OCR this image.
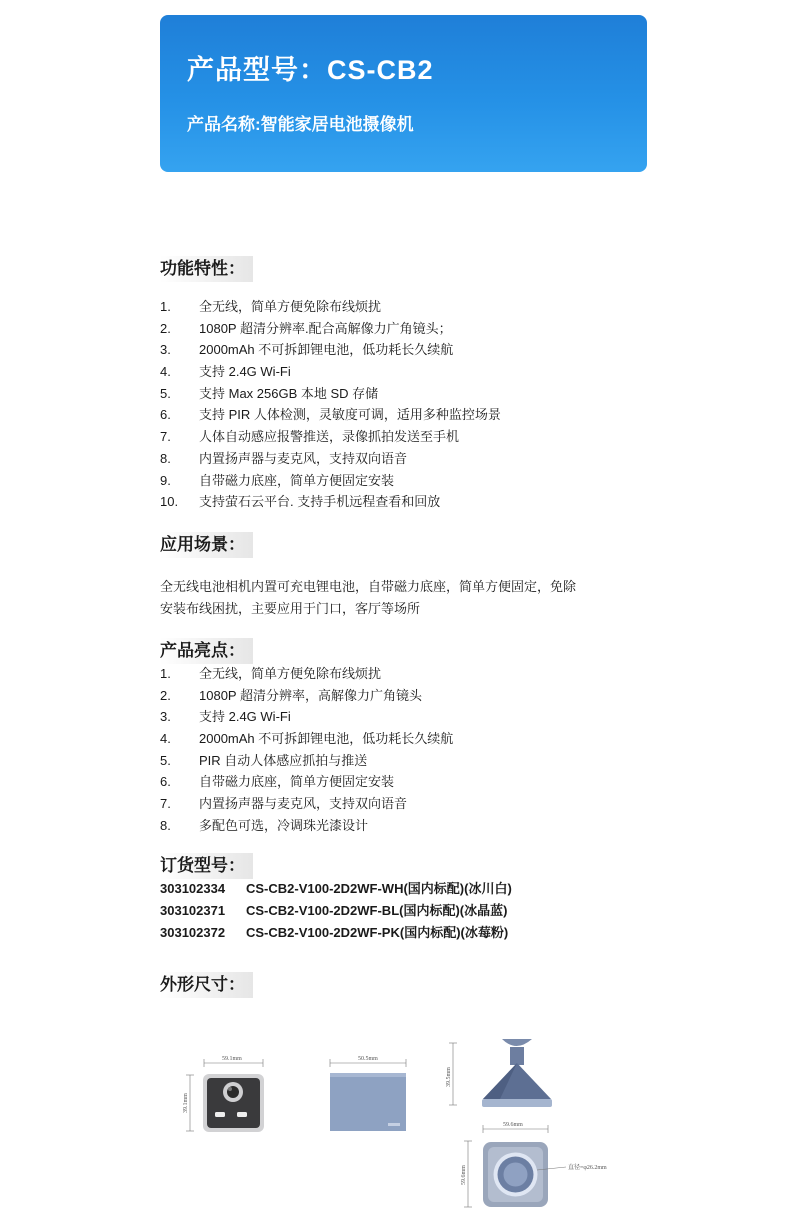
产品型号：CS-CB2
产品名称:智能家居电池摄像机
功能特性：
1. 全无线，简单方便免除布线烦扰
2. 1080P 超清分辨率.配合高解像力广角镜头；
3. 2000mAh 不可拆卸锂电池，低功耗长久续航
4. 支持 2.4G Wi-Fi
5. 支持 Max 256GB 本地 SD 存储
6. 支持 PIR 人体检测，灵敏度可调，适用多种监控场景
7. 人体自动感应报警推送，录像抓拍发送至手机
8. 内置扬声器与麦克风，支持双向语音
9. 自带磁力底座，简单方便固定安装
10. 支持萤石云平台. 支持手机远程查看和回放
应用场景：
全无线电池相机内置可充电锂电池，自带磁力底座，简单方便固定，免除
安装布线困扰，主要应用于门口，客厅等场所
产品亮点：
1. 全无线，简单方便免除布线烦扰
2. 1080P 超清分辨率，高解像力广角镜头
3. 支持 2.4G Wi-Fi
4. 2000mAh 不可拆卸锂电池，低功耗长久续航
5. PIR 自动人体感应抓拍与推送
6. 自带磁力底座，简单方便固定安装
7. 内置扬声器与麦克风，支持双向语音
8. 多配色可选，冷调珠光漆设计
订货型号：
303102334 CS-CB2-V100-2D2WF-WH(国内标配)(冰川白)
303102371 CS-CB2-V100-2D2WF-BL(国内标配)(冰晶蓝)
303102372 CS-CB2-V100-2D2WF-PK(国内标配)(冰莓粉)
外形尺寸：
59.1mm
39.1mm
50.5mm
39.5mm
59.6mm
59.6mm	直径=φ26.2mm
